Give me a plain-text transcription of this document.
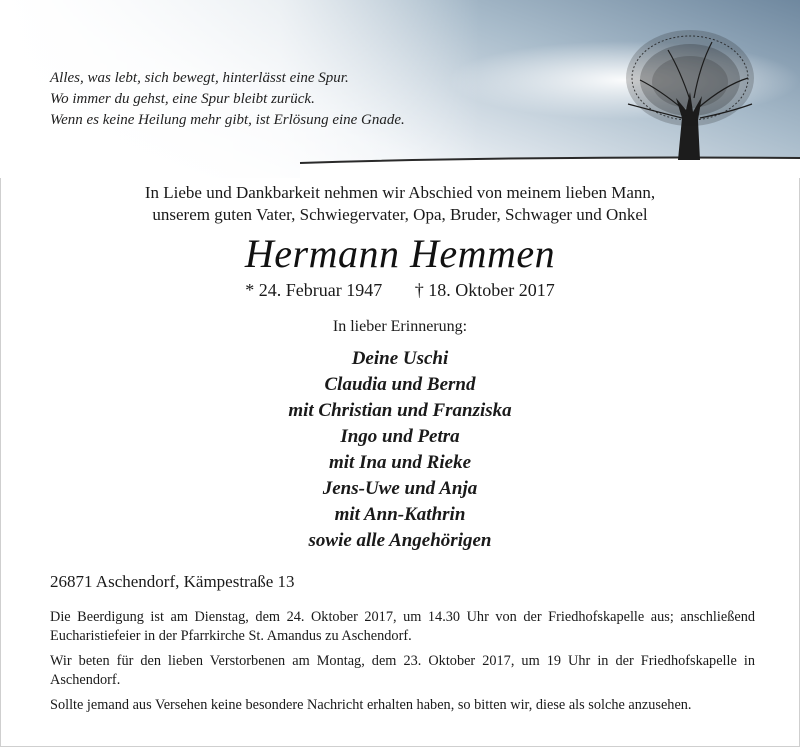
Alles, was lebt, sich bewegt, hinterlässt eine Spur.
Wo immer du gehst, eine Spur bleibt zurück.
Wenn es keine Heilung mehr gibt, ist Erlösung eine Gnade.
In Liebe und Dankbarkeit nehmen wir Abschied von meinem lieben Mann,
unserem guten Vater, Schwiegervater, Opa, Bruder, Schwager und Onkel
Hermann Hemmen
* 24. Februar 1947 † 18. Oktober 2017
In lieber Erinnerung:
Deine Uschi
Claudia und Bernd
mit Christian und Franziska
Ingo und Petra
mit Ina und Rieke
Jens-Uwe und Anja
mit Ann-Kathrin
sowie alle Angehörigen
26871 Aschendorf, Kämpestraße 13

Die Beerdigung ist am Dienstag, dem 24. Oktober 2017, um 14.30 Uhr von der Friedhofskapelle aus; anschließend Eucharistiefeier in der Pfarrkirche St. Amandus zu Aschendorf.

Wir beten für den lieben Verstorbenen am Montag, dem 23. Oktober 2017, um 19 Uhr in der Friedhofskapelle in Aschendorf.

Sollte jemand aus Versehen keine besondere Nachricht erhalten haben, so bitten wir, diese als solche anzusehen.
